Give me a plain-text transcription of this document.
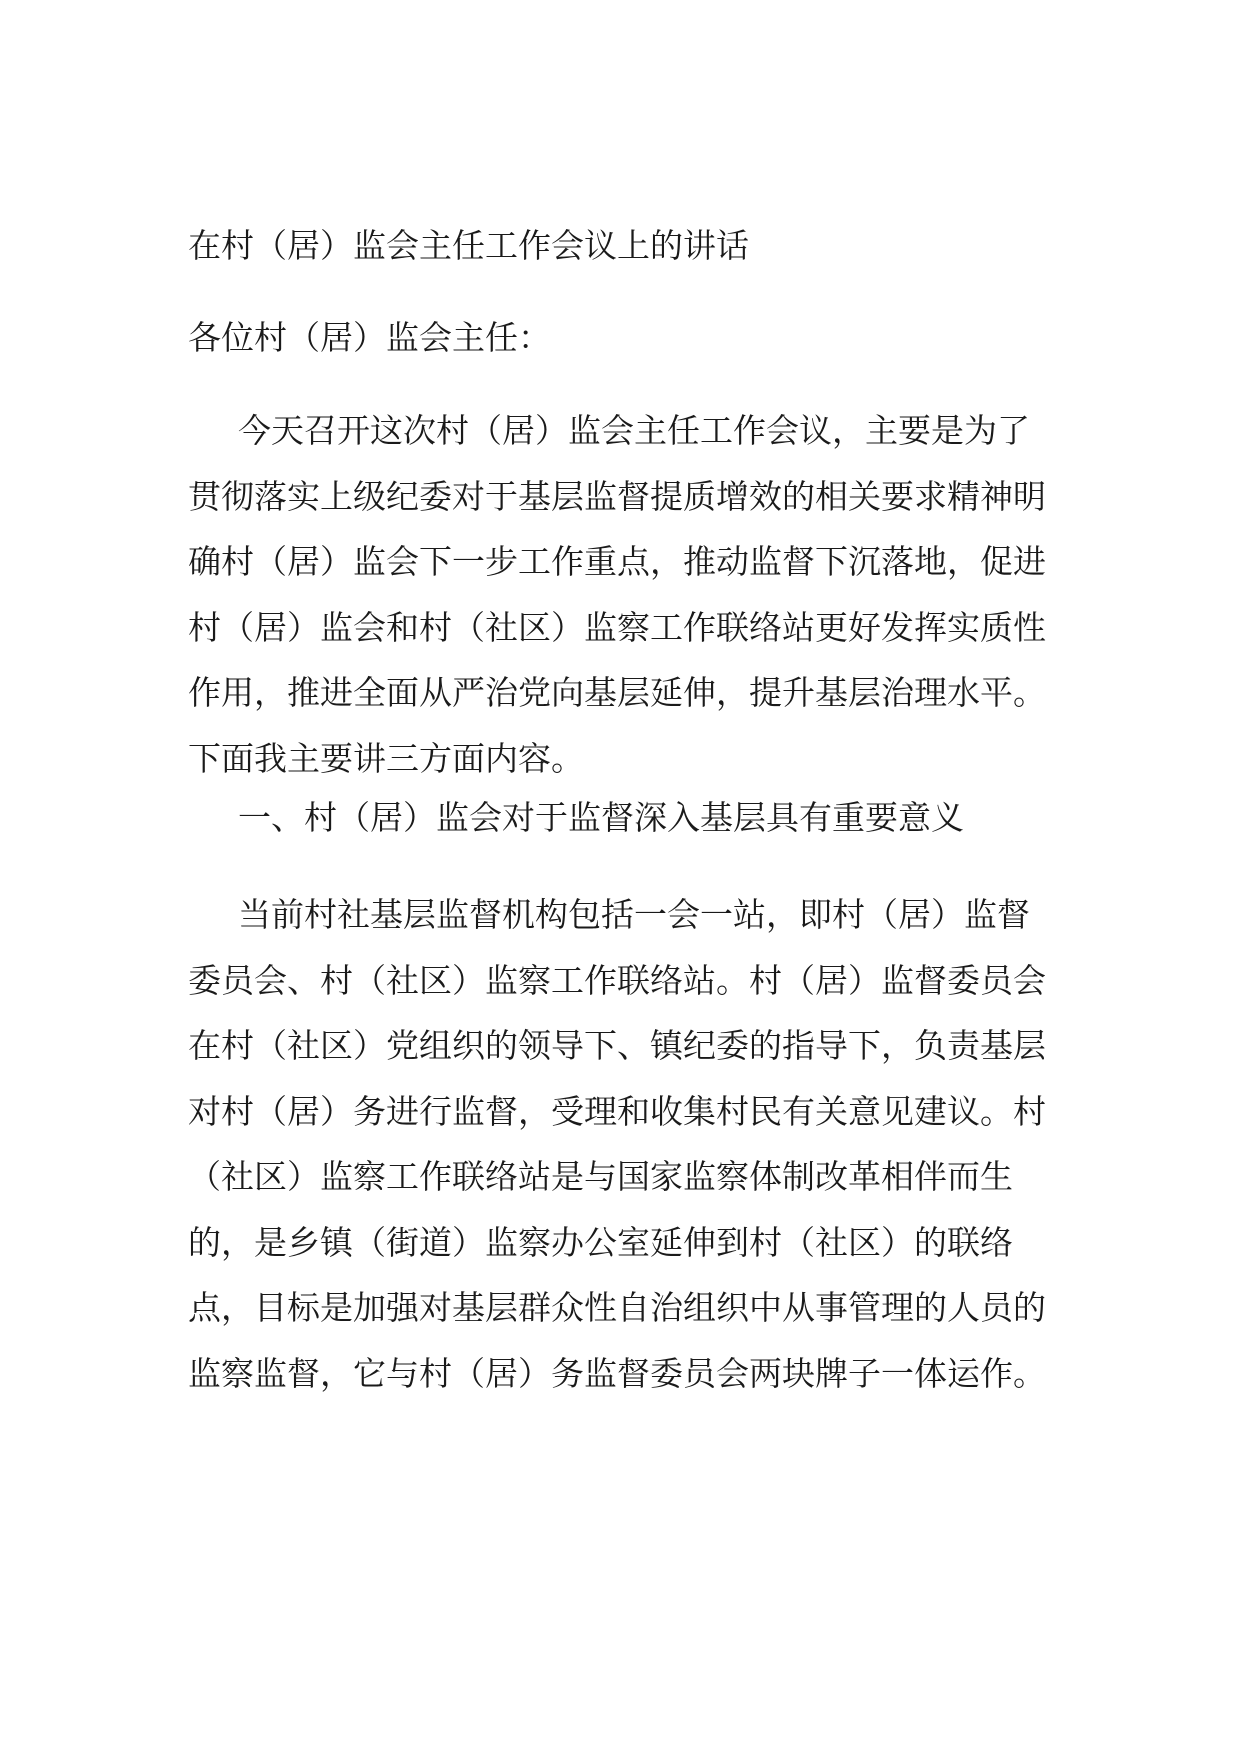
在村（居）监会主任工作会议上的讲话

各位村（居）监会主任：

今天召开这次村（居）监会主任工作会议，主要是为了贯彻落实上级纪委对于基层监督提质增效的相关要求精神明确村（居）监会下一步工作重点，推动监督下沉落地，促进村（居）监会和村（社区）监察工作联络站更好发挥实质性作用，推进全面从严治党向基层延伸，提升基层治理水平。下面我主要讲三方面内容。

一、村（居）监会对于监督深入基层具有重要意义

当前村社基层监督机构包括一会一站，即村（居）监督委员会、村（社区）监察工作联络站。村（居）监督委员会在村（社区）党组织的领导下、镇纪委的指导下，负责基层对村（居）务进行监督，受理和收集村民有关意见建议。村（社区）监察工作联络站是与国家监察体制改革相伴而生的，是乡镇（街道）监察办公室延伸到村（社区）的联络点，目标是加强对基层群众性自治组织中从事管理的人员的监察监督，它与村（居）务监督委员会两块牌子一体运作。
